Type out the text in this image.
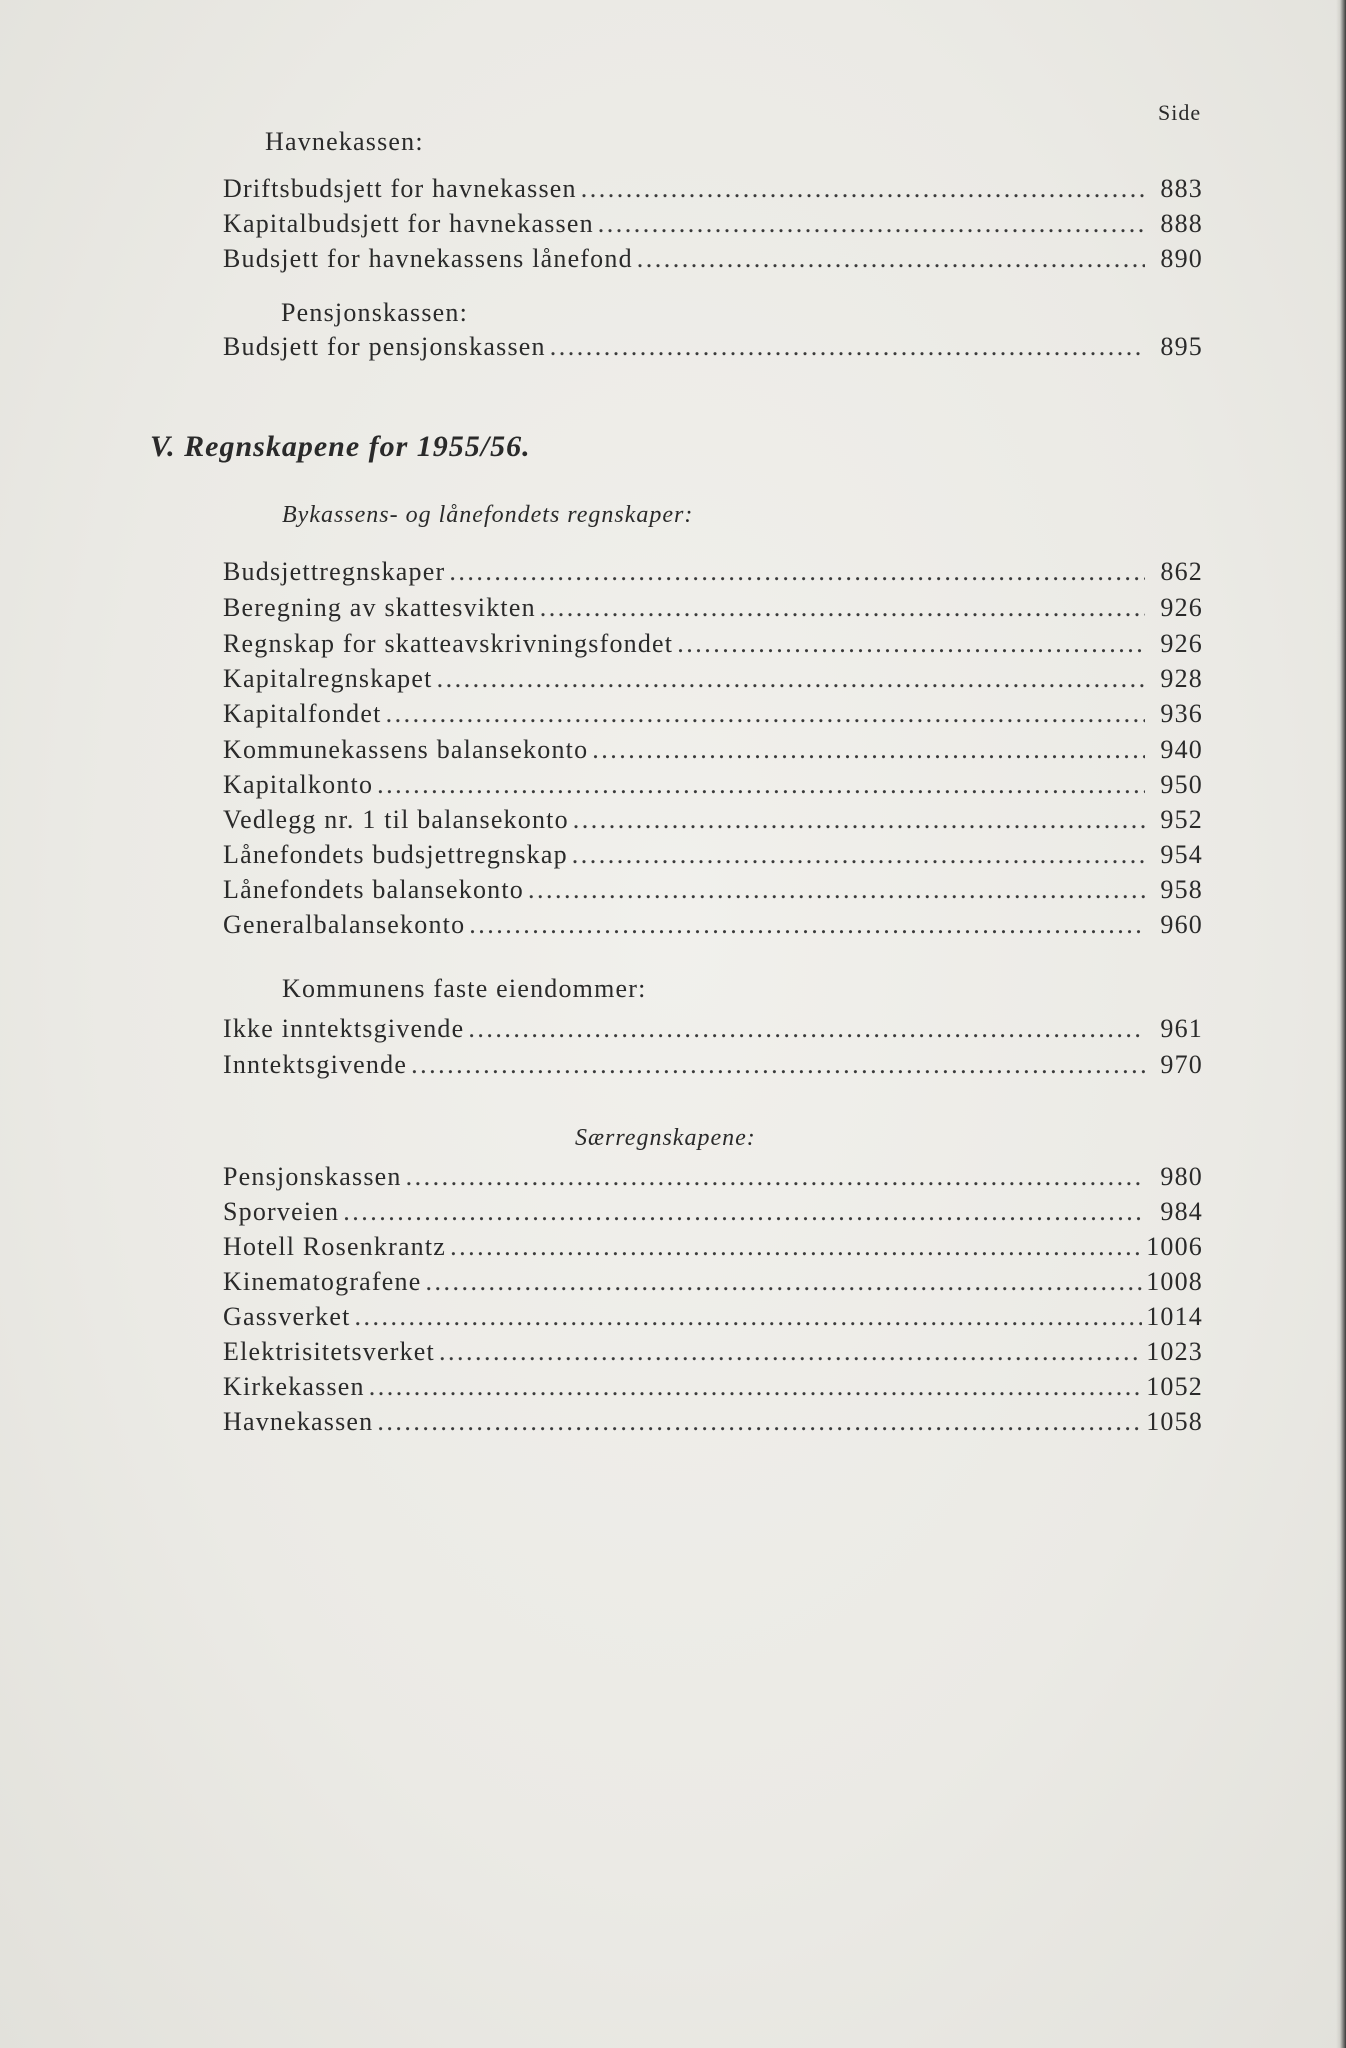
Side
Havnekassen:
Driftsbudsjett for havnekassen . . .	883
Kapitalbudsjett for havnekassen . . .	888
Budsjett for havnekassens lånefond . . .	890
Pensjonskassen:
Budsjett for pensjonskassen . . .	895
V. Regnskapene for 1955/56.
Bykassens- og lånefondets regnskaper:
Budsjettregnskaper . . .	862
Beregning av skattesvikten . . .	926
Regnskap for skatteavskrivningsfondet . . .	926
Kapitalregnskapet . . .	928
Kapitalfondet . . .	936
Kommunekassens balansekonto . . .	940
Kapitalkonto . . .	950
Vedlegg nr. 1 til balansekonto . . .	952
Lånefondets budsjettregnskap . . .	954
Lånefondets balansekonto . . .	958
Generalbalansekonto . . .	960
Kommunens faste eiendommer:
Ikke inntektsgivende . . .	961
Inntektsgivende . . .	970
Særregnskapene:
Pensjonskassen . . .	980
Sporveien . . .	984
Hotell Rosenkrantz . . .	1006
Kinematografene . . .	1008
Gassverket . . .	1014
Elektrisitetsverket . . .	1023
Kirkekassen . . .	1052
Havnekassen . . .	1058
